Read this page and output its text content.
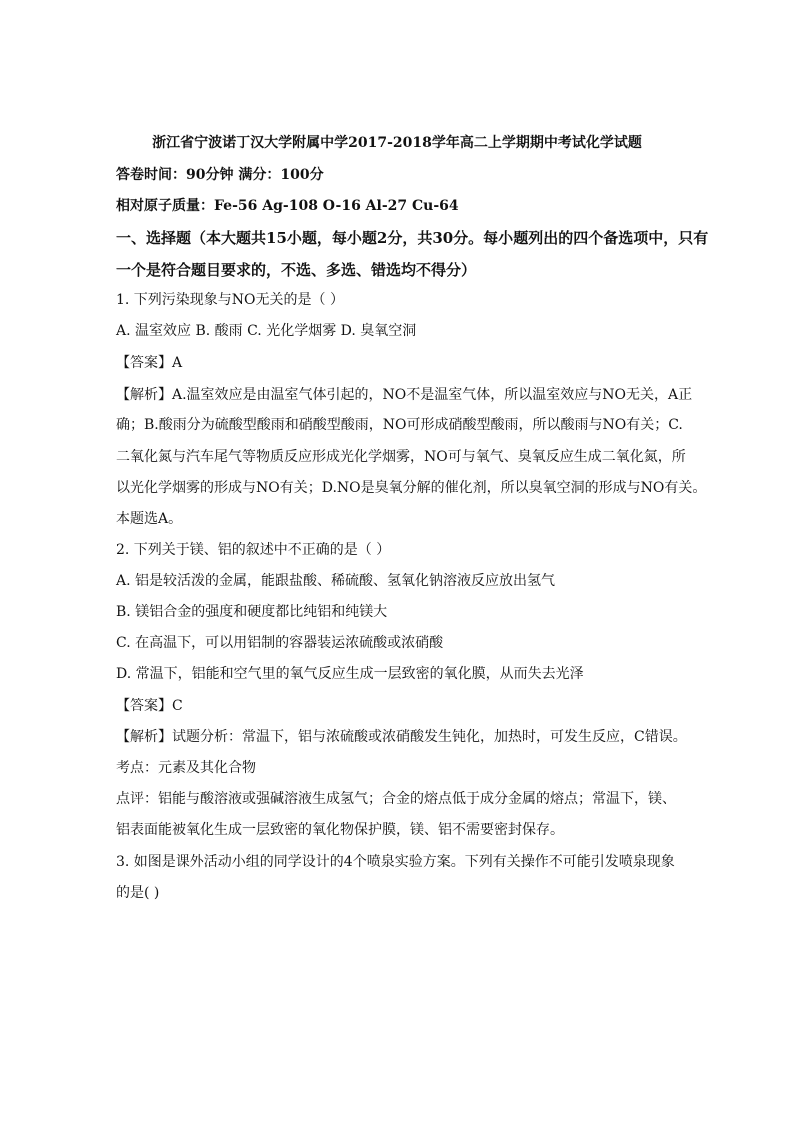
浙江省宁波诺丁汉大学附属中学2017-2018学年高二上学期期中考试化学试题
答卷时间：90分钟 满分：100分
相对原子质量：Fe-56 Ag-108 O-16 Al-27 Cu-64
一、选择题（本大题共15小题，每小题2分，共30分。每小题列出的四个备选项中，只有
一个是符合题目要求的，不选、多选、错选均不得分）
1. 下列污染现象与NO无关的是（ ）
A. 温室效应 B. 酸雨 C. 光化学烟雾 D. 臭氧空洞
【答案】A
【解析】A.温室效应是由温室气体引起的，NO不是温室气体，所以温室效应与NO无关，A正
确；B.酸雨分为硫酸型酸雨和硝酸型酸雨，NO可形成硝酸型酸雨，所以酸雨与NO有关；C.
二氧化氮与汽车尾气等物质反应形成光化学烟雾，NO可与氧气、臭氧反应生成二氧化氮，所
以光化学烟雾的形成与NO有关；D.NO是臭氧分解的催化剂，所以臭氧空洞的形成与NO有关。
本题选A。
2. 下列关于镁、铝的叙述中不正确的是（ ）
A. 铝是较活泼的金属，能跟盐酸、稀硫酸、氢氧化钠溶液反应放出氢气
B. 镁铝合金的强度和硬度都比纯铝和纯镁大
C. 在高温下，可以用铝制的容器装运浓硫酸或浓硝酸
D. 常温下，铝能和空气里的氧气反应生成一层致密的氧化膜，从而失去光泽
【答案】C
【解析】试题分析：常温下，铝与浓硫酸或浓硝酸发生钝化，加热时，可发生反应，C错误。
考点：元素及其化合物
点评：铝能与酸溶液或强碱溶液生成氢气；合金的熔点低于成分金属的熔点；常温下，镁、
铝表面能被氧化生成一层致密的氧化物保护膜，镁、铝不需要密封保存。
3. 如图是课外活动小组的同学设计的4个喷泉实验方案。下列有关操作不可能引发喷泉现象
的是( )
